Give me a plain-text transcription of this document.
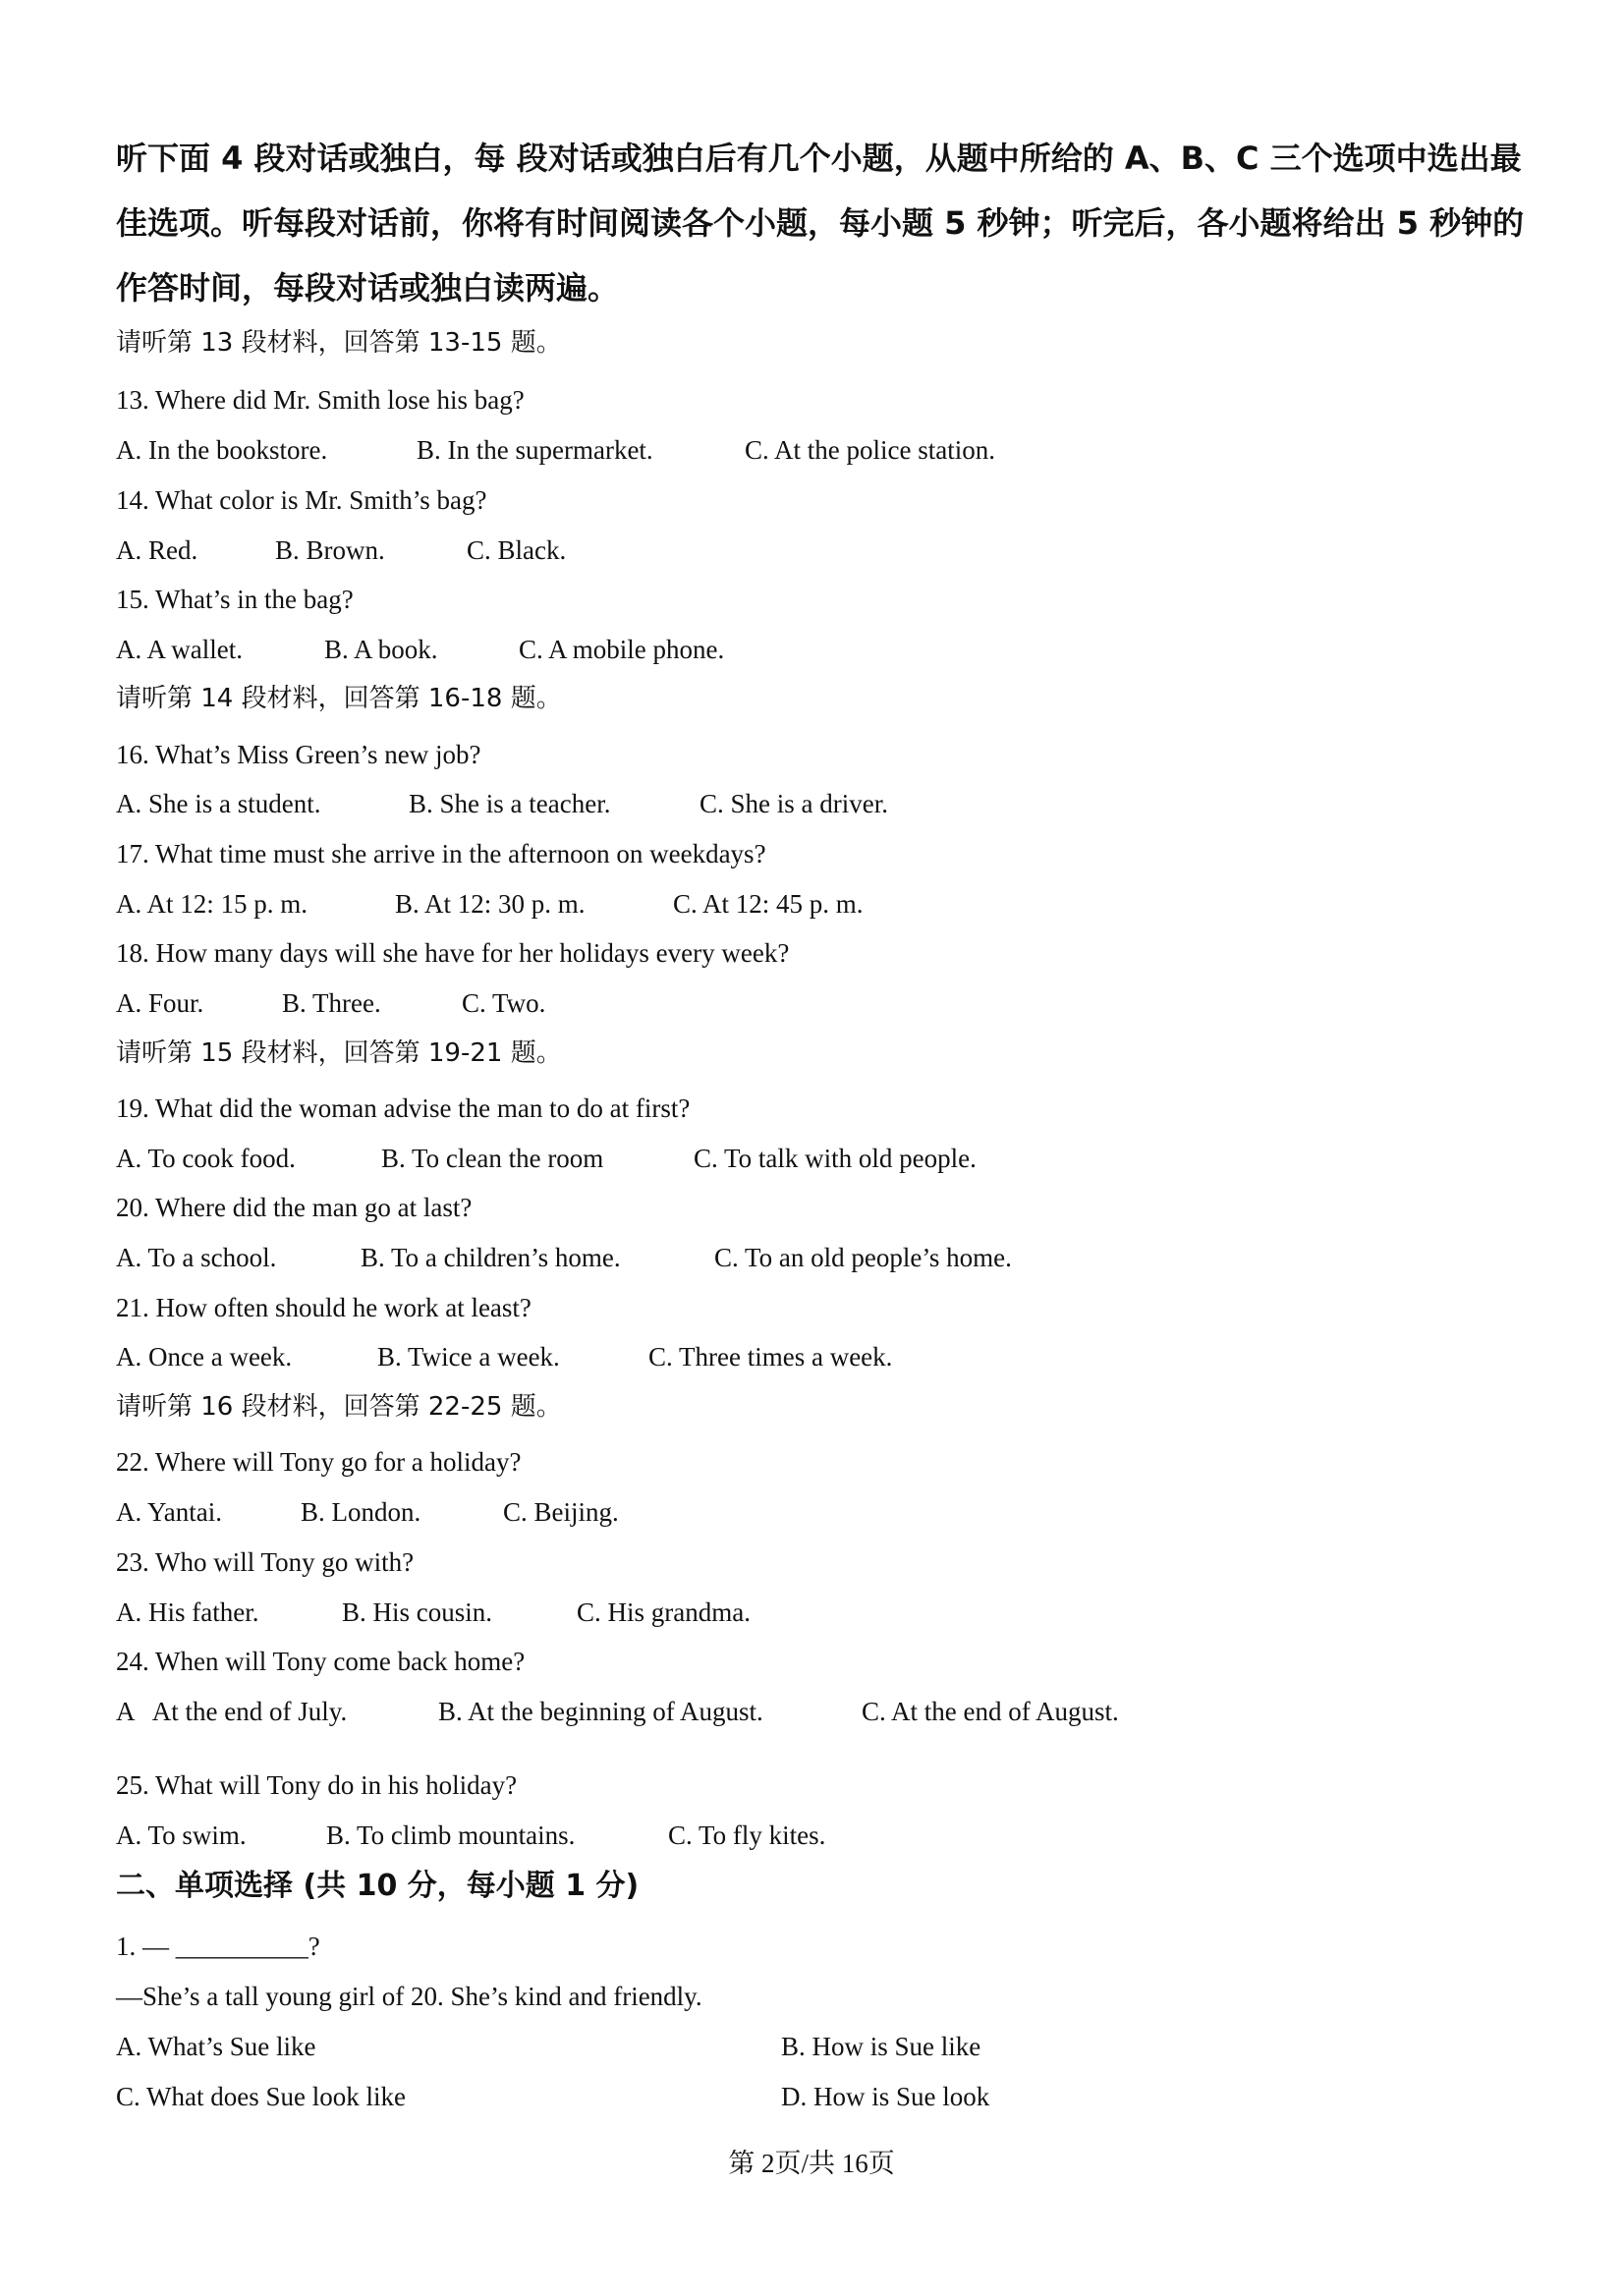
听下面 4 段对话或独白，每 段对话或独白后有几个小题，从题中所给的 A、B、C 三个选项中选出最佳选项。听每段对话前，你将有时间阅读各个小题，每小题 5 秒钟；听完后，各小题将给出 5 秒钟的作答时间，每段对话或独白读两遍。
请听第 13 段材料，回答第 13-15 题。
13. Where did Mr. Smith lose his bag?
A. In the bookstore.	B. In the supermarket.	C. At the police station.
14. What color is Mr. Smith’s bag?
A. Red.	B. Brown.	C. Black.
15. What’s in the bag?
A. A wallet.	B. A book.	C. A mobile phone.
请听第 14 段材料，回答第 16-18 题。
16. What’s Miss Green’s new job?
A. She is a student.	B. She is a teacher.	C. She is a driver.
17. What time must she arrive in the afternoon on weekdays?
A. At 12: 15 p. m.	B. At 12: 30 p. m.	C. At 12: 45 p. m.
18. How many days will she have for her holidays every week?
A. Four.	B. Three.	C. Two.
请听第 15 段材料，回答第 19-21 题。
19. What did the woman advise the man to do at first?
A. To cook food.	B. To clean the room	C. To talk with old people.
20. Where did the man go at last?
A. To a school.	B. To a children’s home.	C. To an old people’s home.
21. How often should he work at least?
A. Once a week.	B. Twice a week.	C. Three times a week.
请听第 16 段材料，回答第 22-25 题。
22. Where will Tony go for a holiday?
A. Yantai.	B. London.	C. Beijing.
23. Who will Tony go with?
A. His father.	B. His cousin.	C. His grandma.
24. When will Tony come back home?
A   At the end of July.	B. At the beginning of August.	C. At the end of August.
25. What will Tony do in his holiday?
A. To swim.	B. To climb mountains.	C. To fly kites.
二、单项选择 (共 10 分，每小题 1 分)
1. — __________?
—She’s a tall young girl of 20. She’s kind and friendly.
A. What’s Sue like	B. How is Sue like
C. What does Sue look like	D. How is Sue look
第 2页/共 16页
